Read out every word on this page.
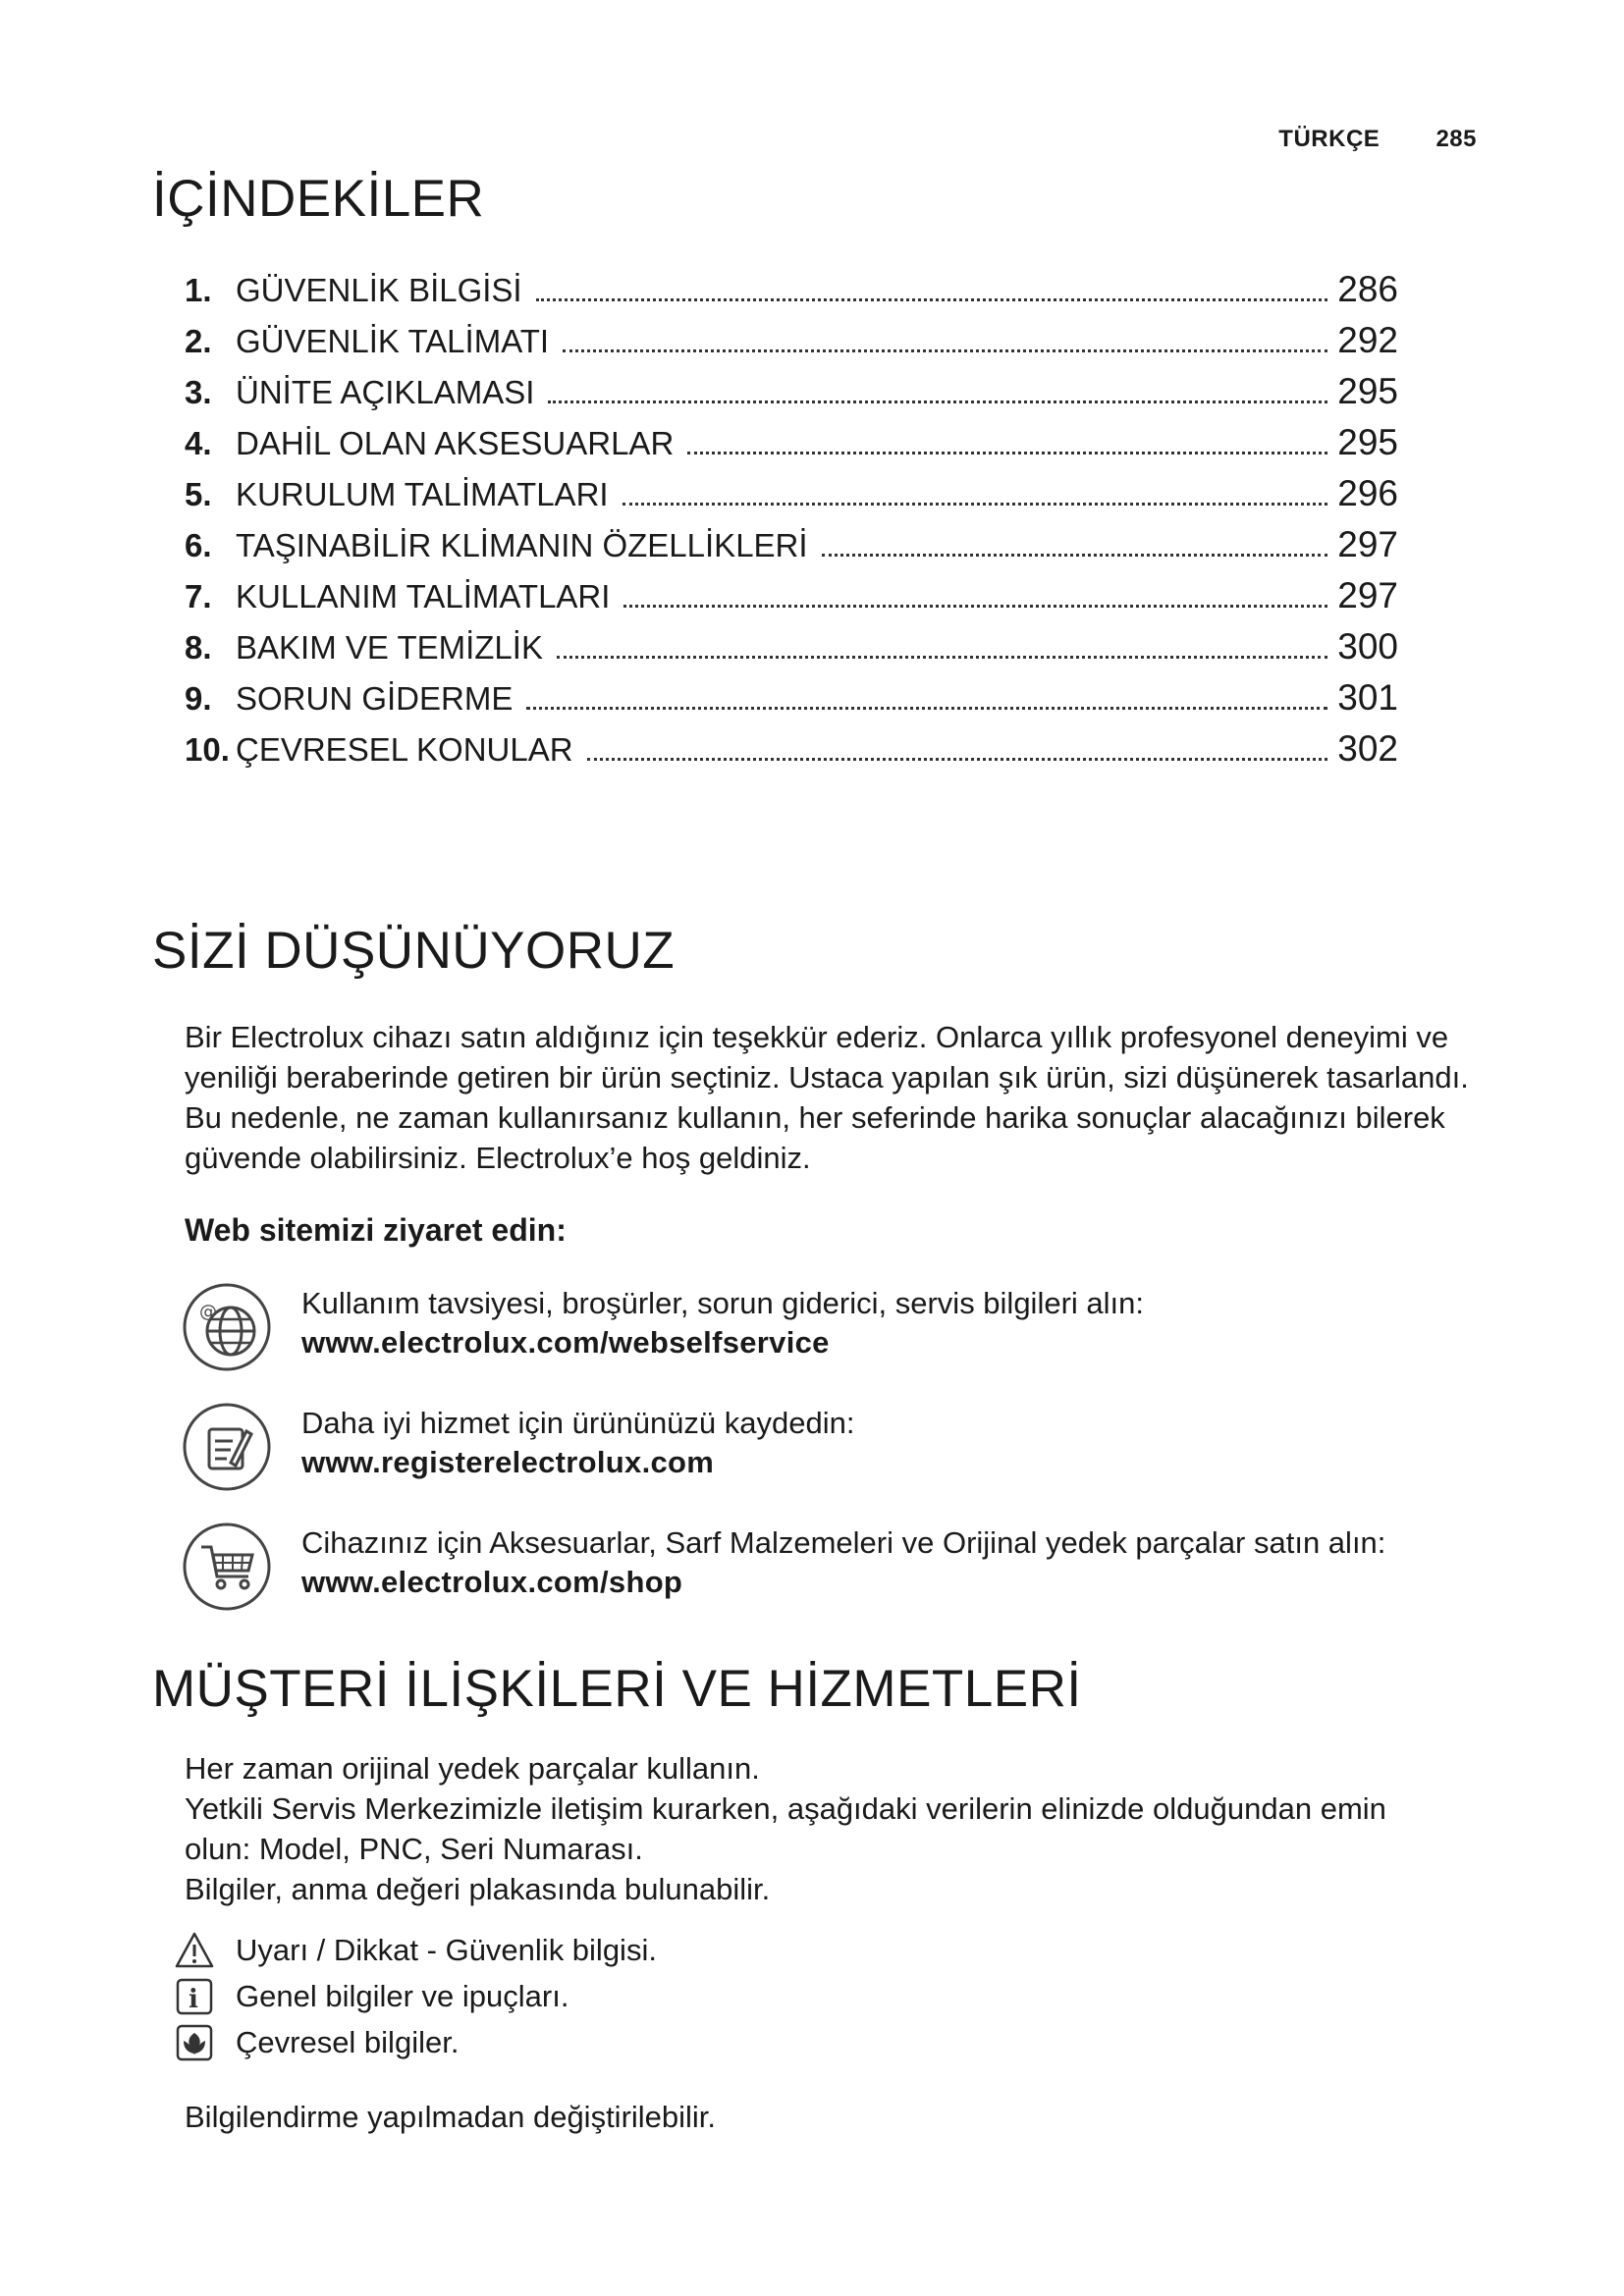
TÜRKÇE 285
İÇİNDEKİLER
1. GÜVENLİK BİLGİSİ	286
2. GÜVENLİK TALİMATI	292
3. ÜNİTE AÇIKLAMASI	295
4. DAHİL OLAN AKSESUARLAR	295
5. KURULUM TALİMATLARI	296
6. TAŞINABİLİR KLİMANIN ÖZELLİKLERİ	297
7. KULLANIM TALİMATLARI	297
8. BAKIM VE TEMİZLİK	300
9. SORUN GİDERME	301
10. ÇEVRESEL KONULAR	302
SİZİ DÜŞÜNÜYORUZ

Bir Electrolux cihazı satın aldığınız için teşekkür ederiz. Onlarca yıllık profesyonel deneyimi ve yeniliği beraberinde getiren bir ürün seçtiniz. Ustaca yapılan şık ürün, sizi düşünerek tasarlandı. Bu nedenle, ne zaman kullanırsanız kullanın, her seferinde harika sonuçlar alacağınızı bilerek güvende olabilirsiniz. Electrolux’e hoş geldiniz.

Web sitemizi ziyaret edin:

@	Kullanım tavsiyesi, broşürler, sorun giderici, servis bilgileri alın:
www.electrolux.com/webselfservice
Daha iyi hizmet için ürününüzü kaydedin:
www.registerelectrolux.com
Cihazınız için Aksesuarlar, Sarf Malzemeleri ve Orijinal yedek parçalar satın alın:
www.electrolux.com/shop
MÜŞTERİ İLİŞKİLERİ VE HİZMETLERİ
Her zaman orijinal yedek parçalar kullanın.
Yetkili Servis Merkezimizle iletişim kurarken, aşağıdaki verilerin elinizde olduğundan emin olun: Model, PNC, Seri Numarası.
Bilgiler, anma değeri plakasında bulunabilir.
Uyarı / Dikkat - Güvenlik bilgisi.
i Genel bilgiler ve ipuçları.
Çevresel bilgiler.

Bilgilendirme yapılmadan değiştirilebilir.
